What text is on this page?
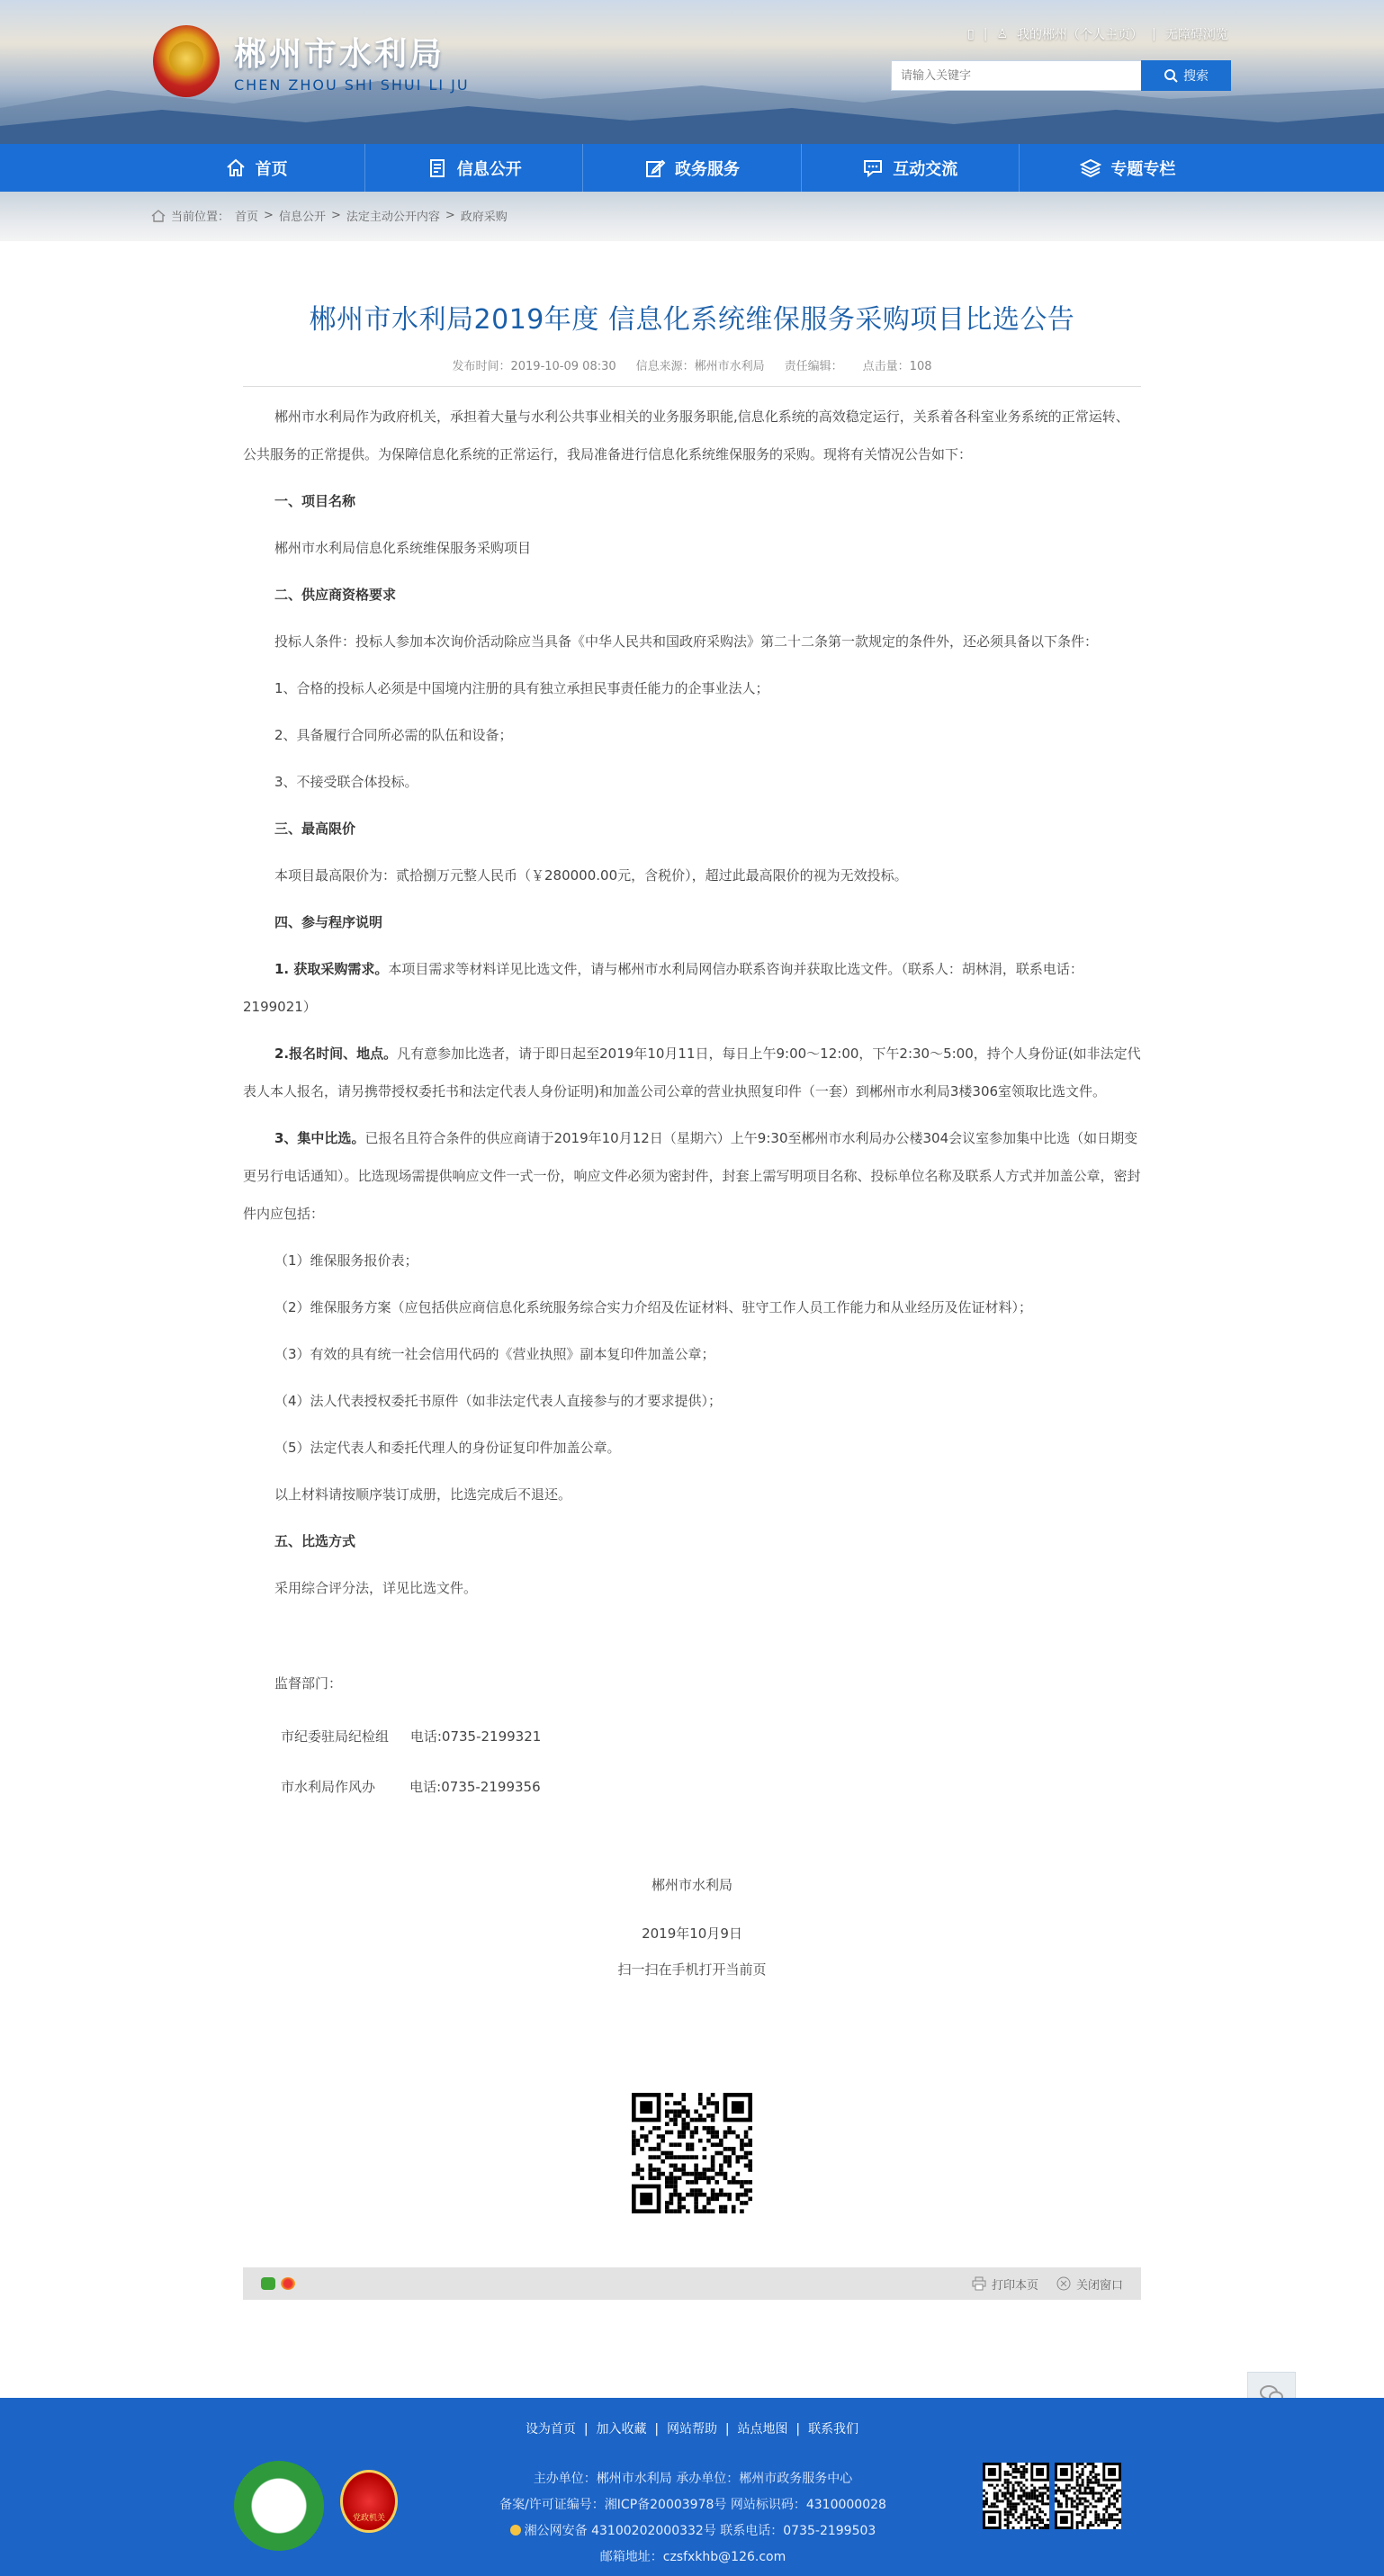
郴州市水利局
CHEN ZHOU SHI SHUI LI JU
▯ | ♙ 我的郴州（个人主页） | 无障碍浏览
请输入关键字
搜索
首页	信息公开	政务服务	互动交流	专题专栏
当前位置： 首页 > 信息公开 > 法定主动公开内容 > 政府采购
郴州市水利局2019年度 信息化系统维保服务采购项目比选公告
发布时间：2019-10-09 08:30 信息来源：郴州市水利局 责任编辑： 点击量：108

郴州市水利局作为政府机关，承担着大量与水利公共事业相关的业务服务职能,信息化系统的高效稳定运行，关系着各科室业务系统的正常运转、公共服务的正常提供。为保障信息化系统的正常运行，我局准备进行信息化系统维保服务的采购。现将有关情况公告如下：

一、项目名称

郴州市水利局信息化系统维保服务采购项目

二、供应商资格要求

投标人条件：投标人参加本次询价活动除应当具备《中华人民共和国政府采购法》第二十二条第一款规定的条件外，还必须具备以下条件：

1、合格的投标人必须是中国境内注册的具有独立承担民事责任能力的企事业法人；

2、具备履行合同所必需的队伍和设备；

3、不接受联合体投标。

三、最高限价

本项目最高限价为：贰拾捌万元整人民币（￥280000.00元，含税价），超过此最高限价的视为无效投标。

四、参与程序说明

1. 获取采购需求。本项目需求等材料详见比选文件，请与郴州市水利局网信办联系咨询并获取比选文件。（联系人：胡林涓，联系电话：2199021）

2.报名时间、地点。凡有意参加比选者，请于即日起至2019年10月11日，每日上午9:00～12:00，下午2:30～5:00，持个人身份证(如非法定代表人本人报名，请另携带授权委托书和法定代表人身份证明)和加盖公司公章的营业执照复印件（一套）到郴州市水利局3楼306室领取比选文件。

3、集中比选。已报名且符合条件的供应商请于2019年10月12日（星期六）上午9:30至郴州市水利局办公楼304会议室参加集中比选（如日期变更另行电话通知）。比选现场需提供响应文件一式一份，响应文件必须为密封件，封套上需写明项目名称、投标单位名称及联系人方式并加盖公章，密封件内应包括：

（1）维保服务报价表；

（2）维保服务方案（应包括供应商信息化系统服务综合实力介绍及佐证材料、驻守工作人员工作能力和从业经历及佐证材料）；

（3）有效的具有统一社会信用代码的《营业执照》副本复印件加盖公章；

（4）法人代表授权委托书原件（如非法定代表人直接参与的才要求提供）；

（5）法定代表人和委托代理人的身份证复印件加盖公章。

以上材料请按顺序装订成册，比选完成后不退还。

五、比选方式

采用综合评分法，详见比选文件。

监督部门：

市纪委驻局纪检组 电话:0735-2199321

市水利局作风办	电话:0735-2199356

郴州市水利局
2019年10月9日
扫一扫在手机打开当前页
打印本页	关闭窗口
设为首页  |  加入收藏  |  网站帮助  |  站点地图  |  联系我们
党政机关
主办单位：郴州市水利局 承办单位：郴州市政务服务中心
备案/许可证编号：湘ICP备20003978号 网站标识码：4310000028
湘公网安备 43100202000332号 联系电话：0735-2199503
邮箱地址：czsfxkhb@126.com
